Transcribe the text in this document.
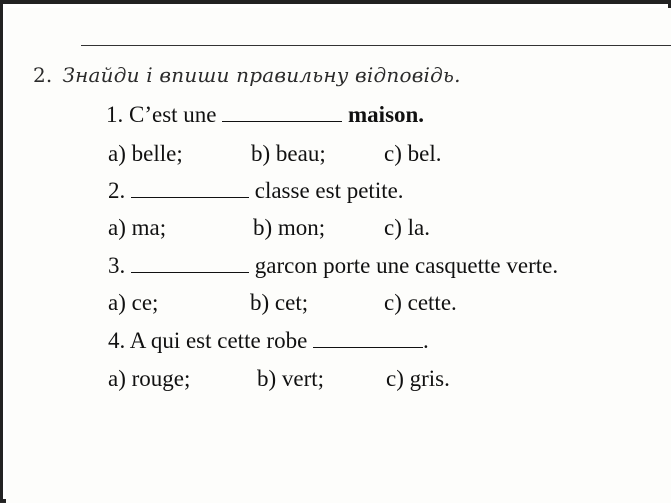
2. Знайди і впиши правильну відповідь.
1. C’est une	maison.
a) belle;	b) beau;	c) bel.
2.	classe est petite.
a) ma;	b) mon;	c) la.
3.	garcon porte une casquette verte.
a) ce;	b) cet;	c) cette.
4. A qui est cette robe	.
a) rouge;	b) vert;	c) gris.
